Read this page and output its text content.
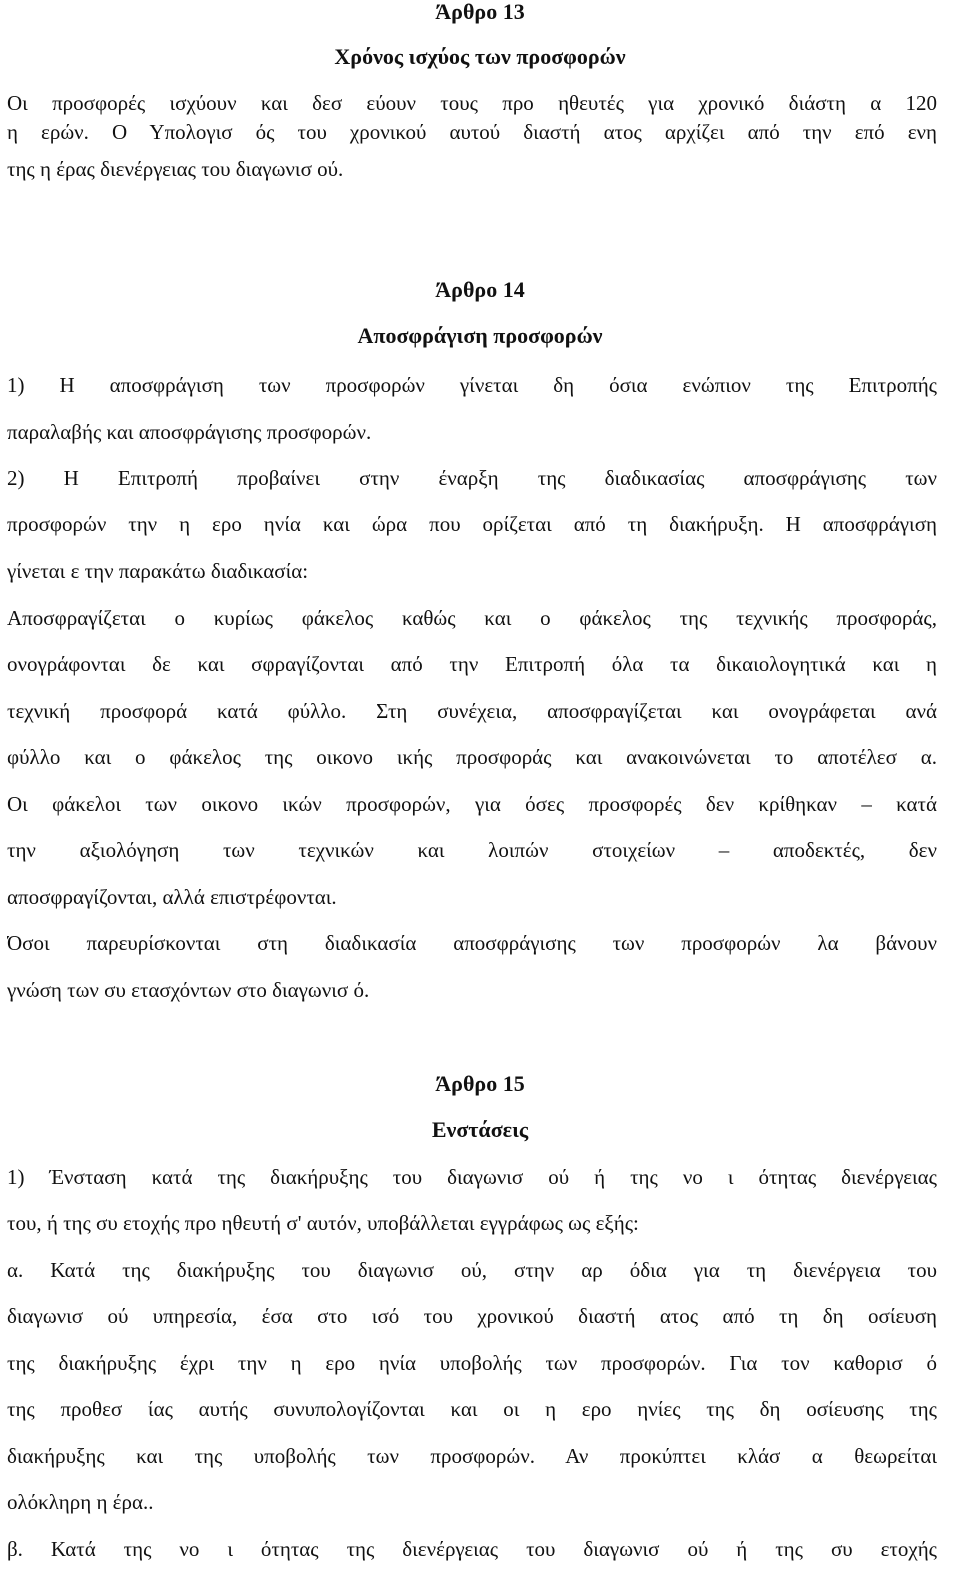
Άρθρο 13
Χρόνος ισχύος των προσφορών
Οι προσφορές ισχύουν και δεσ εύουν τους προ ηθευτές για χρονικό διάστη α 120
η ερών. Ο Υπολογισ ός του χρονικού αυτού διαστή ατος αρχίζει από την επό ενη
της η έρας διενέργειας του διαγωνισ ού.
Άρθρο 14
Αποσφράγιση προσφορών
1) Η αποσφράγιση των προσφορών γίνεται δη όσια ενώπιον της Επιτροπής
παραλαβής και αποσφράγισης προσφορών.
2) Η Επιτροπή προβαίνει στην έναρξη της διαδικασίας αποσφράγισης των
προσφορών την η ερο ηνία και ώρα που ορίζεται από τη διακήρυξη. Η αποσφράγιση
γίνεται ε την παρακάτω διαδικασία:
Αποσφραγίζεται ο κυρίως φάκελος καθώς και ο φάκελος της τεχνικής προσφοράς,
ονογράφονται δε και σφραγίζονται από την Επιτροπή όλα τα δικαιολογητικά και η
τεχνική προσφορά κατά φύλλο. Στη συνέχεια, αποσφραγίζεται και ονογράφεται ανά
φύλλο και ο φάκελος της οικονο ικής προσφοράς και ανακοινώνεται το αποτέλεσ α.
Οι φάκελοι των οικονο ικών προσφορών, για όσες προσφορές δεν κρίθηκαν – κατά
την αξιολόγηση των τεχνικών και λοιπών στοιχείων – αποδεκτές, δεν
αποσφραγίζονται, αλλά επιστρέφονται.
Όσοι παρευρίσκονται στη διαδικασία αποσφράγισης των προσφορών λα βάνουν
γνώση των συ ετασχόντων στο διαγωνισ ό.
Άρθρο 15
Ενστάσεις
1) Ένσταση κατά της διακήρυξης του διαγωνισ ού ή της νο ι ότητας διενέργειας
του, ή της συ ετοχής προ ηθευτή σ' αυτόν, υποβάλλεται εγγράφως ως εξής:
α. Κατά της διακήρυξης του διαγωνισ ού, στην αρ όδια για τη διενέργεια του
διαγωνισ ού υπηρεσία, έσα στο ισό του χρονικού διαστή ατος από τη δη οσίευση
της διακήρυξης έχρι την η ερο ηνία υποβολής των προσφορών. Για τον καθορισ ό
της προθεσ ίας αυτής συνυπολογίζονται και οι η ερο ηνίες της δη οσίευσης της
διακήρυξης και της υποβολής των προσφορών. Αν προκύπτει κλάσ α θεωρείται
ολόκληρη η έρα..
β. Κατά της νο ι ότητας της διενέργειας του διαγωνισ ού ή της συ ετοχής
